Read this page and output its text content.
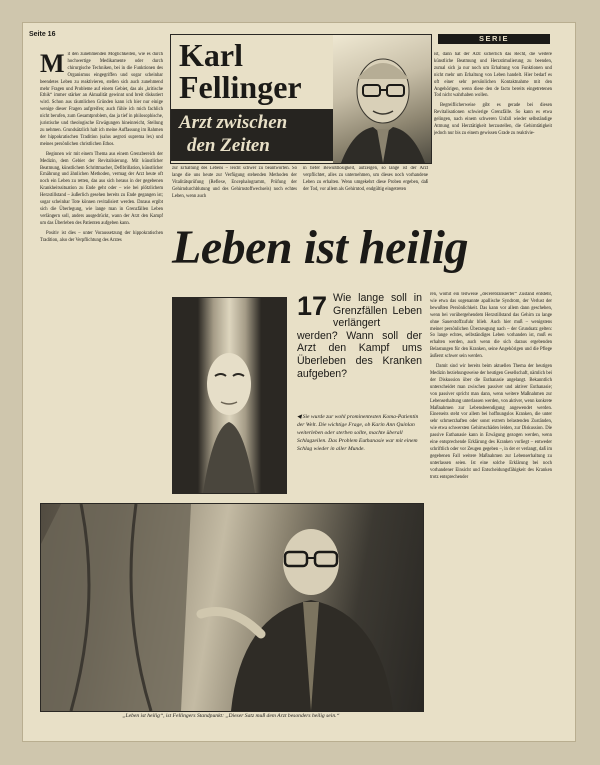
Seite 16	SERIE
Karl
Fellinger
Arzt zwischen
den Zeiten

Mit den zunehmenden Möglichkeiten, wie es durch hochwertige Medikamente oder durch chirurgische Techniken, bei in die Funktionen des Organismus eingegriffen und sogar scheinbar beendetes Leben zu reaktivieren, stellen sich auch zunehmend mehr Fragen und Probleme auf einem Gebiet, das als „kritische Ethik“ immer stärker an Aktualität gewinnt und breit diskutiert wird. Schon aus räumlichen Gründen kann ich hier nur einige wenige dieser Fragen aufgreifen; auch fühle ich mich fachlich nicht berufen, zum Gesamtproblem, das ja tief in philosophische, juristische und theologische Erwägungen hineinreicht, Stellung zu nehmen. Grundsätzlich halt ich meine Auffassung im Rahmen der hippokratischen Tradition (salus aegroti suprema lex) und meines persönlichen christlichen Ethos.

Beginnen wir mit einem Thema aus einem Grenzbereich der Medizin, dem Gebiet der Revitalisierung. Mit künstlicher Beatmung, künstlichem Schrittmacher, Defibrillation, künstlicher Ernährung und ähnlichen Methoden, vermag der Arzt heute oft noch ein Leben zu retten, das aus sich heraus in der gegebenen Krankheitssituation zu Ende geht oder – wie bei plötzlichem Herzstillstand – äußerlich gesehen bereits zu Ende gegangen ist; sogar scheinbar Tote können revitalisiert werden. Daraus ergibt sich die Überlegung, wie lange man in Grenzfällen Leben verlängern soll, anders ausgedrückt, wann der Arzt den Kampf um das Überleben des Patienten aufgeben kann.

Positiv ist dies – unter Voraussetzung der hippokratischen Tradition, also der Verpflichtung des Arztes

zur Erhaltung des Lebens – leicht schwer zu beantworten. So lange die uns heute zur Verfügung stehenden Methoden der Vitalitätsprüfung (Reflexe, Encephalogramm, Prüfung der Gehirndurchblutung und des Gehirnstoffwechsels) noch echtes Leben, wenn auch

in tiefer Bewußtlosigkeit, aufzeigen, so lange ist der Arzt verpflichtet, alles zu unternehmen, um dieses noch vorhandene Leben zu erhalten. Wenn umgekehrt diese Proben ergeben, daß der Tod, vor allem als Gehirntod, endgültig eingetreten

ist, dann hat der Arzt sicherlich das Recht, die weitere künstliche Beatmung und Herzstimulierung zu beenden, zumal sich ja nur noch um Erhaltung von Funktionen und nicht mehr um Erhaltung von Leben handelt. Hier bedarf es oft einer sehr persönlichen Kontaktnahme mit den Angehörigen, wenn diese den de facto bereits eingetretenen Tod nicht wahrhaben wollen.

Begreiflicherweise gibt es gerade bei diesen Revitalisationen schwierige Grenzfälle. So kann es etwa gelingen, nach einem schweren Unfall wieder selbständige Atmung und Herztätigkeit herzustellen, die Gehirntätigkeit jedoch nur bis zu einem gewissen Grade zu reaktivie-

Leben ist heilig
17 Wie lange soll in Grenzfällen Leben verlängert werden? Wann soll der Arzt den Kampf ums Überleben des Kranken aufgeben?
◀ Sie wurde zur wohl prominentesten Koma-Patientin der Welt. Die wichtige Frage, ob Karin Ann Quinlan weiterleben oder sterben sollte, machte überall Schlagzeilen. Das Problem Euthanasie war mit einem Schlag wieder in aller Munde.

ren, womit ein teilweise „decerebralisierter“ Zustand entsteht, wie etwa das sogenannte apallische Syndrom, der Verlust der bewußten Persönlichkeit. Das kann vor allem dann geschehen, wenn bei vorübergehendem Herzstillstand das Gehirn zu lange ohne Sauerstoffzufuhr blieb. Auch hier muß – wenigstens meiner persönlichen Überzeugung nach – der Grundsatz gelten: So lange echtes, selbständiges Leben vorhanden ist, muß es erhalten werden, auch wenn die sich daraus ergebenden Belastungen für den Kranken, seine Angehörigen und die Pflege äußerst schwer sein werden.

Damit sind wir bereits beim aktuellen Thema der heutigen Medizin beziehungsweise der heutigen Gesellschaft, nämlich bei der Diskussion über die Euthanasie angelangt. Bekanntlich unterscheidet man zwischen passiver und aktiver Euthanasie; von passiver spricht man dann, wenn weitere Maßnahmen zur Lebenserhaltung unterlassen werden, von aktiver, wenn konkrete Maßnahmen zur Lebensbeendigung angewendet werden. Einerseits steht vor allem bei hoffnungslos Kranken, die unter sehr schmerzhaften oder sonst extrem belastenden Zuständen, wie etwa schwersten Gehirnschäden leiden, zur Diskussion. Die passive Euthanasie kann in Erwägung gezogen werden, wenn eine entsprechende Erklärung des Kranken vorliegt – entweder schriftlich oder vor Zeugen gegeben –, in der er verlangt, daß im gegebenen Fall weitere Maßnahmen zur Lebenserhaltung zu unterlassen seien. Ist eine solche Erklärung bei noch vorhandener Einsicht und Entscheidungsfähigkeit des Kranken trotz entsprechender

„Leben ist heilig“, ist Fellingers Standpunkt: „Dieser Satz muß dem Arzt besonders heilig sein.“
